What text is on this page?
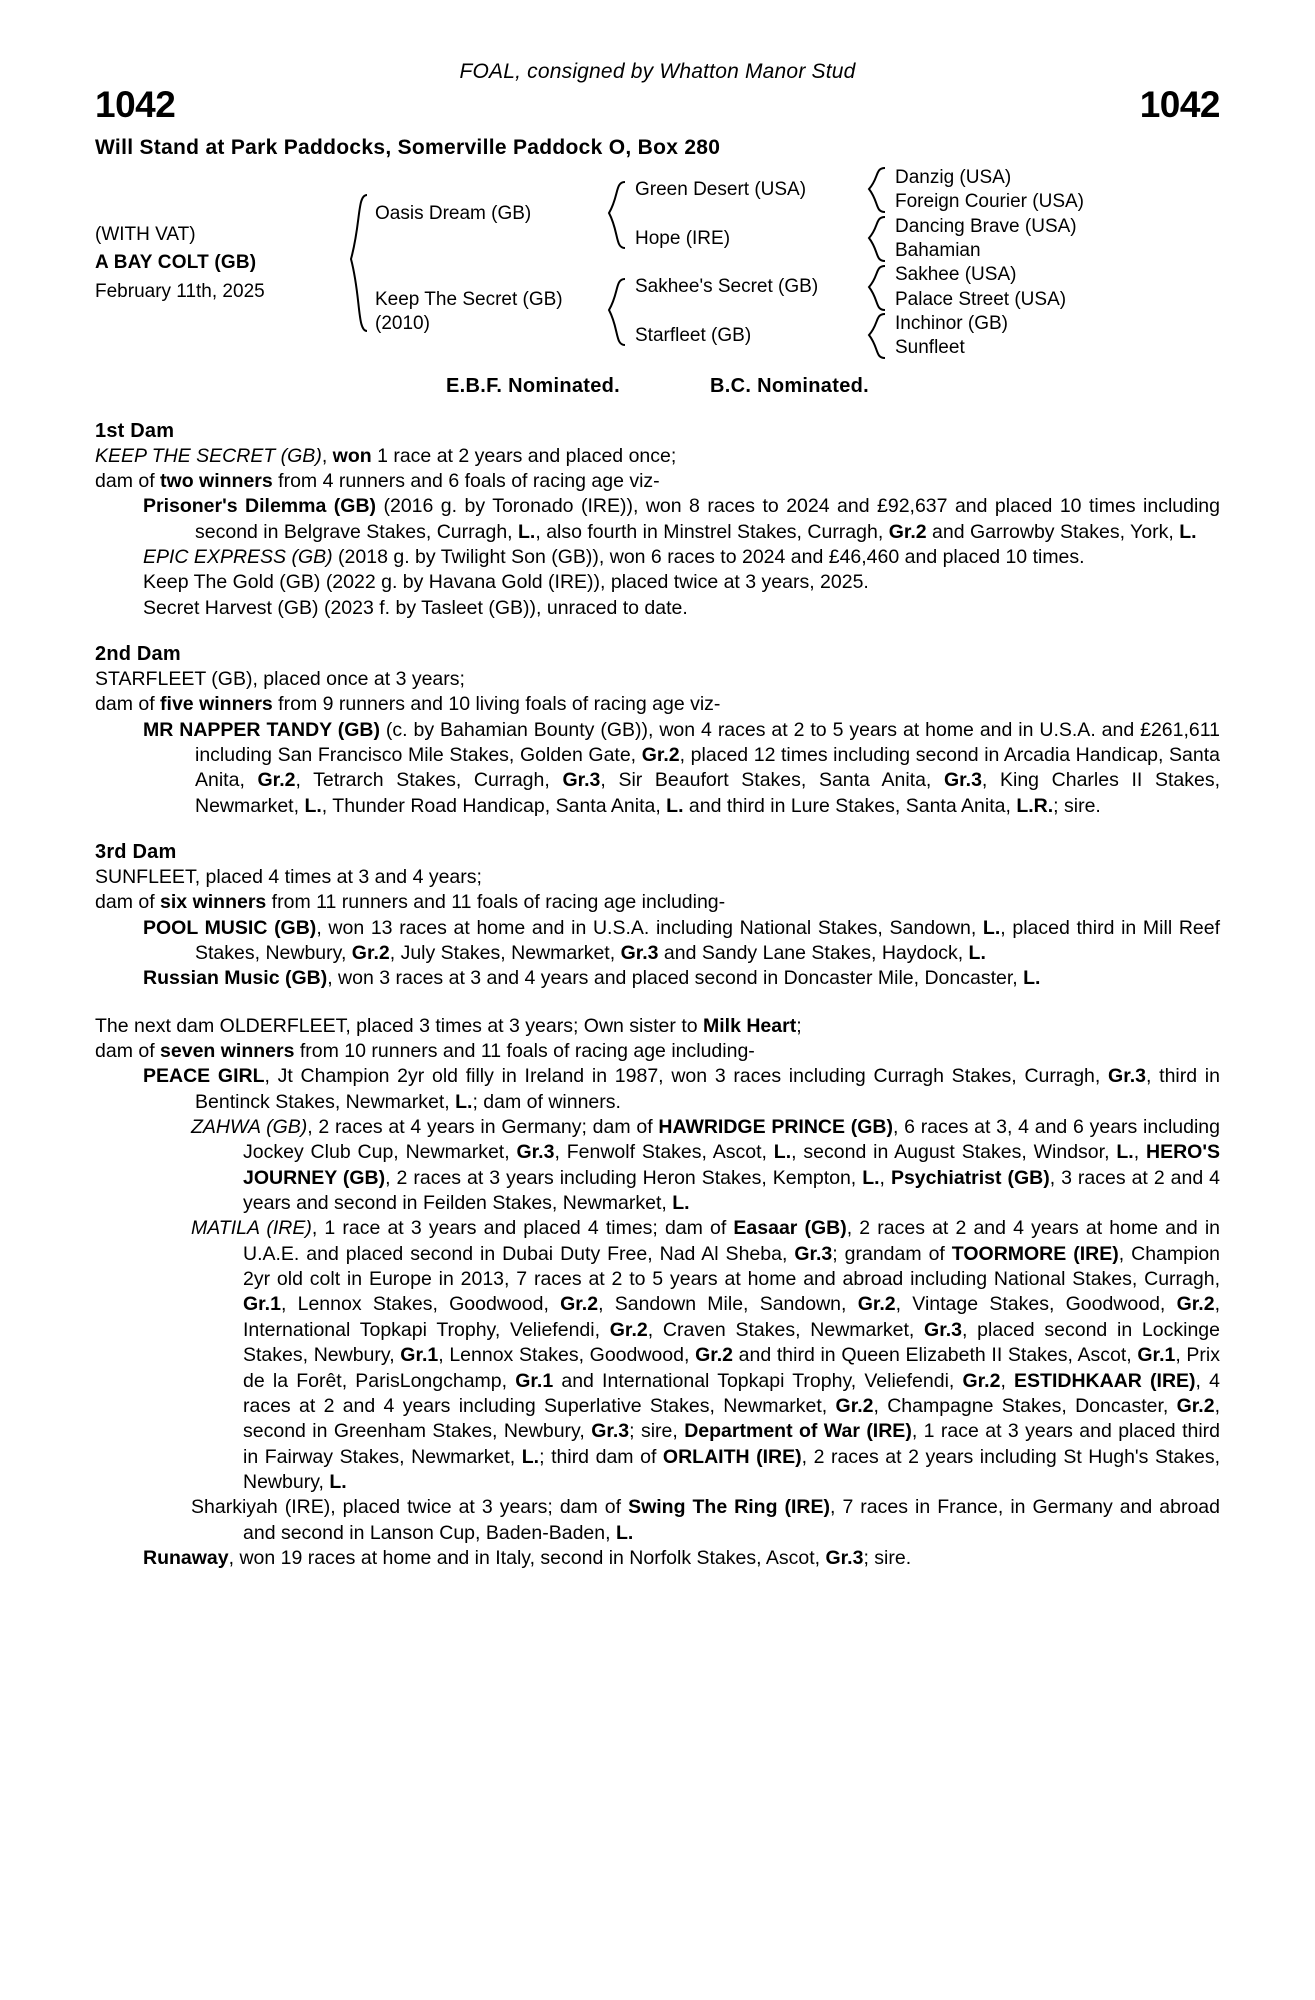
FOAL, consigned by Whatton Manor Stud
1042	1042
Will Stand at Park Paddocks, Somerville Paddock O, Box 280
(WITH VAT)
A BAY COLT (GB)
February 11th, 2025
Oasis Dream (GB)
Green Desert (USA)
Danzig (USA)
Foreign Courier (USA)
Hope (IRE)
Dancing Brave (USA)
Bahamian
Keep The Secret (GB)
(2010)
Sakhee's Secret (GB)
Sakhee (USA)
Palace Street (USA)
Starfleet (GB)
Inchinor (GB)
Sunfleet
E.B.F. Nominated.	B.C. Nominated.
1st Dam

KEEP THE SECRET (GB), won 1 race at 2 years and placed once;

dam of two winners from 4 runners and 6 foals of racing age viz-

Prisoner's Dilemma (GB) (2016 g. by Toronado (IRE)), won 8 races to 2024 and £92,637 and placed 10 times including second in Belgrave Stakes, Curragh, L., also fourth in Minstrel Stakes, Curragh, Gr.2 and Garrowby Stakes, York, L.

EPIC EXPRESS (GB) (2018 g. by Twilight Son (GB)), won 6 races to 2024 and £46,460 and placed 10 times.

Keep The Gold (GB) (2022 g. by Havana Gold (IRE)), placed twice at 3 years, 2025.

Secret Harvest (GB) (2023 f. by Tasleet (GB)), unraced to date.

2nd Dam

STARFLEET (GB), placed once at 3 years;

dam of five winners from 9 runners and 10 living foals of racing age viz-

MR NAPPER TANDY (GB) (c. by Bahamian Bounty (GB)), won 4 races at 2 to 5 years at home and in U.S.A. and £261,611 including San Francisco Mile Stakes, Golden Gate, Gr.2, placed 12 times including second in Arcadia Handicap, Santa Anita, Gr.2, Tetrarch Stakes, Curragh, Gr.3, Sir Beaufort Stakes, Santa Anita, Gr.3, King Charles II Stakes, Newmarket, L., Thunder Road Handicap, Santa Anita, L. and third in Lure Stakes, Santa Anita, L.R.; sire.

3rd Dam

SUNFLEET, placed 4 times at 3 and 4 years;

dam of six winners from 11 runners and 11 foals of racing age including-

POOL MUSIC (GB), won 13 races at home and in U.S.A. including National Stakes, Sandown, L., placed third in Mill Reef Stakes, Newbury, Gr.2, July Stakes, Newmarket, Gr.3 and Sandy Lane Stakes, Haydock, L.

Russian Music (GB), won 3 races at 3 and 4 years and placed second in Doncaster Mile, Doncaster, L.

The next dam OLDERFLEET, placed 3 times at 3 years; Own sister to Milk Heart;

dam of seven winners from 10 runners and 11 foals of racing age including-

PEACE GIRL, Jt Champion 2yr old filly in Ireland in 1987, won 3 races including Curragh Stakes, Curragh, Gr.3, third in Bentinck Stakes, Newmarket, L.; dam of winners.

ZAHWA (GB), 2 races at 4 years in Germany; dam of HAWRIDGE PRINCE (GB), 6 races at 3, 4 and 6 years including Jockey Club Cup, Newmarket, Gr.3, Fenwolf Stakes, Ascot, L., second in August Stakes, Windsor, L., HERO'S JOURNEY (GB), 2 races at 3 years including Heron Stakes, Kempton, L., Psychiatrist (GB), 3 races at 2 and 4 years and second in Feilden Stakes, Newmarket, L.

MATILA (IRE), 1 race at 3 years and placed 4 times; dam of Easaar (GB), 2 races at 2 and 4 years at home and in U.A.E. and placed second in Dubai Duty Free, Nad Al Sheba, Gr.3; grandam of TOORMORE (IRE), Champion 2yr old colt in Europe in 2013, 7 races at 2 to 5 years at home and abroad including National Stakes, Curragh, Gr.1, Lennox Stakes, Goodwood, Gr.2, Sandown Mile, Sandown, Gr.2, Vintage Stakes, Goodwood, Gr.2, International Topkapi Trophy, Veliefendi, Gr.2, Craven Stakes, Newmarket, Gr.3, placed second in Lockinge Stakes, Newbury, Gr.1, Lennox Stakes, Goodwood, Gr.2 and third in Queen Elizabeth II Stakes, Ascot, Gr.1, Prix de la Forêt, ParisLongchamp, Gr.1 and International Topkapi Trophy, Veliefendi, Gr.2, ESTIDHKAAR (IRE), 4 races at 2 and 4 years including Superlative Stakes, Newmarket, Gr.2, Champagne Stakes, Doncaster, Gr.2, second in Greenham Stakes, Newbury, Gr.3; sire, Department of War (IRE), 1 race at 3 years and placed third in Fairway Stakes, Newmarket, L.; third dam of ORLAITH (IRE), 2 races at 2 years including St Hugh's Stakes, Newbury, L.

Sharkiyah (IRE), placed twice at 3 years; dam of Swing The Ring (IRE), 7 races in France, in Germany and abroad and second in Lanson Cup, Baden-Baden, L.

Runaway, won 19 races at home and in Italy, second in Norfolk Stakes, Ascot, Gr.3; sire.
